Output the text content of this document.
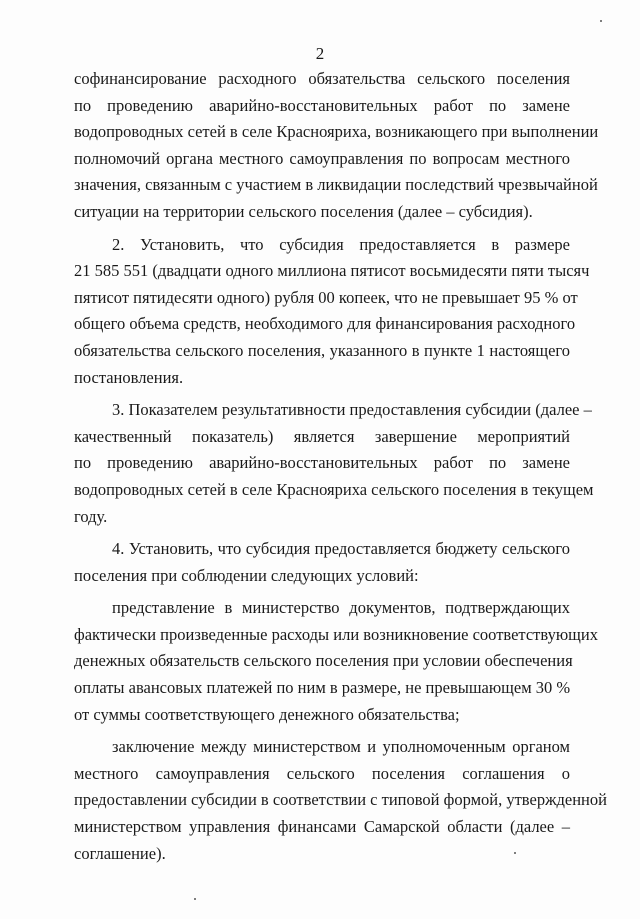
2
софинансирование расходного обязательства сельского поселения
по проведению аварийно-восстановительных работ по замене
водопроводных сетей в селе Краснояриха, возникающего при выполнении
полномочий органа местного самоуправления по вопросам местного
значения, связанным с участием в ликвидации последствий чрезвычайной
ситуации на территории сельского поселения (далее – субсидия).
2. Установить, что субсидия предоставляется в размере
21 585 551 (двадцати одного миллиона пятисот восьмидесяти пяти тысяч
пятисот пятидесяти одного) рубля 00 копеек, что не превышает 95 % от
общего объема средств, необходимого для финансирования расходного
обязательства сельского поселения, указанного в пункте 1 настоящего
постановления.
3. Показателем результативности предоставления субсидии (далее –
качественный показатель) является завершение мероприятий
по проведению аварийно-восстановительных работ по замене
водопроводных сетей в селе Краснояриха сельского поселения в текущем
году.
4. Установить, что субсидия предоставляется бюджету сельского
поселения при соблюдении следующих условий:
представление в министерство документов, подтверждающих
фактически произведенные расходы или возникновение соответствующих
денежных обязательств сельского поселения при условии обеспечения
оплаты авансовых платежей по ним в размере, не превышающем 30 %
от суммы соответствующего денежного обязательства;
заключение между министерством и уполномоченным органом
местного самоуправления сельского поселения соглашения о
предоставлении субсидии в соответствии с типовой формой, утвержденной
министерством управления финансами Самарской области (далее –
соглашение).
